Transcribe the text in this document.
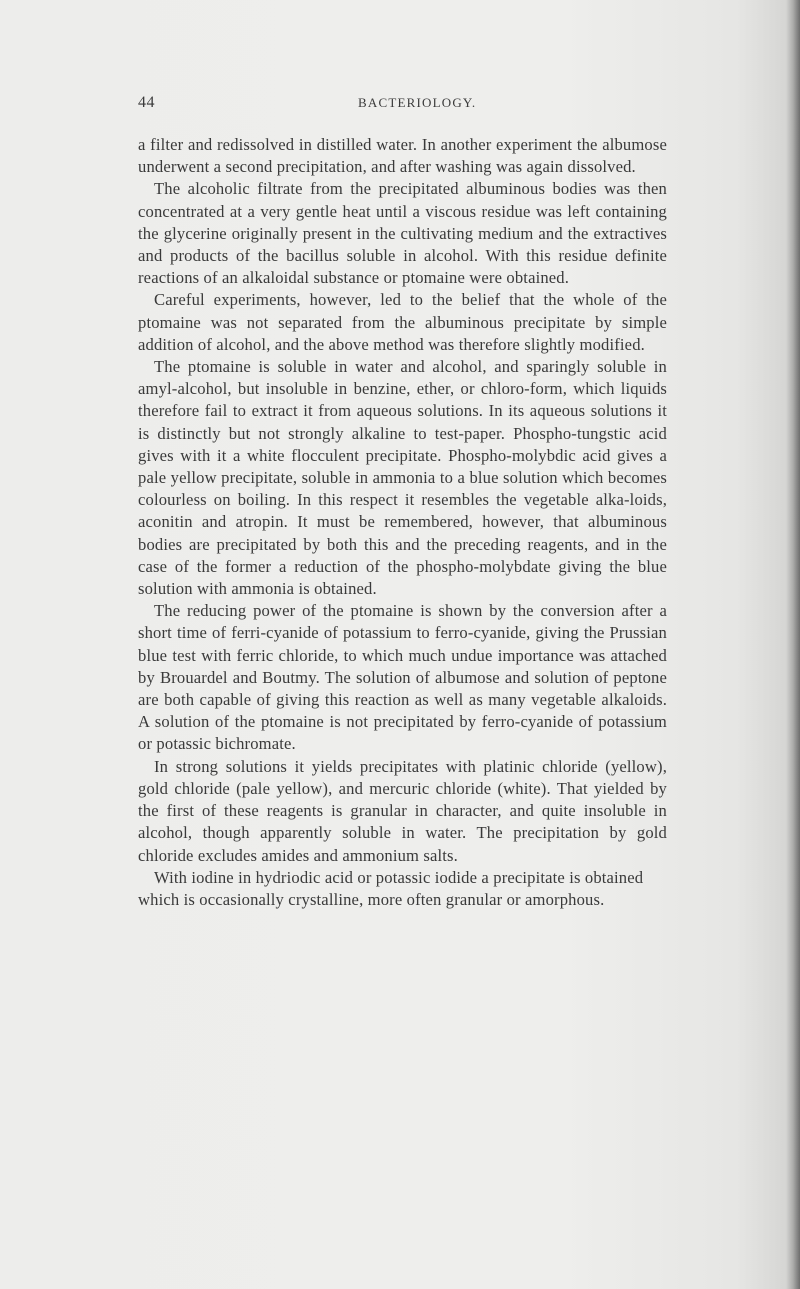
44	BACTERIOLOGY.

a filter and redissolved in distilled water. In another experiment the albumose underwent a second precipitation, and after washing was again dissolved.

The alcoholic filtrate from the precipitated albuminous bodies was then concentrated at a very gentle heat until a viscous residue was left containing the glycerine originally present in the cultivating medium and the extractives and products of the bacillus soluble in alcohol. With this residue definite reactions of an alkaloidal substance or ptomaine were obtained.

Careful experiments, however, led to the belief that the whole of the ptomaine was not separated from the albuminous precipitate by simple addition of alcohol, and the above method was therefore slightly modified.

The ptomaine is soluble in water and alcohol, and sparingly soluble in amyl-alcohol, but insoluble in benzine, ether, or chloro-form, which liquids therefore fail to extract it from aqueous solutions. In its aqueous solutions it is distinctly but not strongly alkaline to test-paper. Phospho-tungstic acid gives with it a white flocculent precipitate. Phospho-molybdic acid gives a pale yellow precipitate, soluble in ammonia to a blue solution which becomes colourless on boiling. In this respect it resembles the vegetable alka-loids, aconitin and atropin. It must be remembered, however, that albuminous bodies are precipitated by both this and the preceding reagents, and in the case of the former a reduction of the phospho-molybdate giving the blue solution with ammonia is obtained.

The reducing power of the ptomaine is shown by the conversion after a short time of ferri-cyanide of potassium to ferro-cyanide, giving the Prussian blue test with ferric chloride, to which much undue importance was attached by Brouardel and Boutmy. The solution of albumose and solution of peptone are both capable of giving this reaction as well as many vegetable alkaloids. A solution of the ptomaine is not precipitated by ferro-cyanide of potassium or potassic bichromate.

In strong solutions it yields precipitates with platinic chloride (yellow), gold chloride (pale yellow), and mercuric chloride (white). That yielded by the first of these reagents is granular in character, and quite insoluble in alcohol, though apparently soluble in water. The precipitation by gold chloride excludes amides and ammonium salts.

With iodine in hydriodic acid or potassic iodide a precipitate is obtained which is occasionally crystalline, more often granular or amorphous.
